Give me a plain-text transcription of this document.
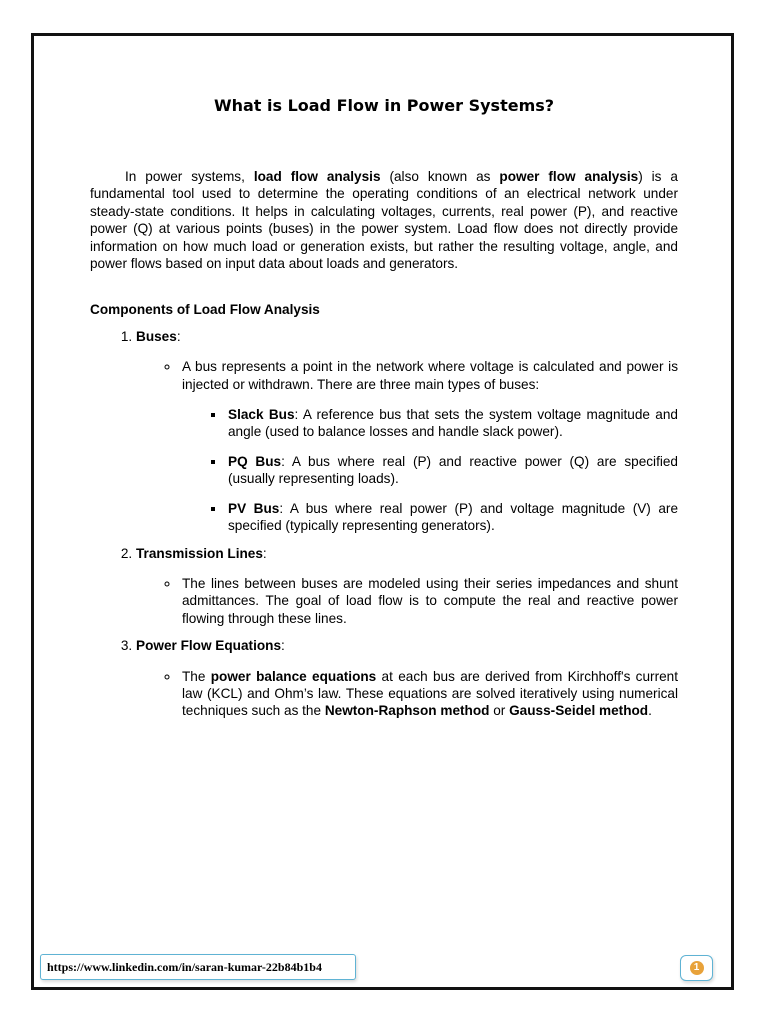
What is Load Flow in Power Systems?

In power systems, load flow analysis (also known as power flow analysis) is a fundamental tool used to determine the operating conditions of an electrical network under steady-state conditions. It helps in calculating voltages, currents, real power (P), and reactive power (Q) at various points (buses) in the power system. Load flow does not directly provide information on how much load or generation exists, but rather the resulting voltage, angle, and power flows based on input data about loads and generators.

Components of Load Flow Analysis
1. Buses:
◦ A bus represents a point in the network where voltage is calculated and power is injected or withdrawn. There are three main types of buses:
▪ Slack Bus: A reference bus that sets the system voltage magnitude and angle (used to balance losses and handle slack power).
▪ PQ Bus: A bus where real (P) and reactive power (Q) are specified (usually representing loads).
▪ PV Bus: A bus where real power (P) and voltage magnitude (V) are specified (typically representing generators).
2. Transmission Lines:
◦ The lines between buses are modeled using their series impedances and shunt admittances. The goal of load flow is to compute the real and reactive power flowing through these lines.
3. Power Flow Equations:
◦ The power balance equations at each bus are derived from Kirchhoff's current law (KCL) and Ohm’s law. These equations are solved iteratively using numerical techniques such as the Newton-Raphson method or Gauss-Seidel method.
https://www.linkedin.com/in/saran-kumar-22b84b1b4	1
